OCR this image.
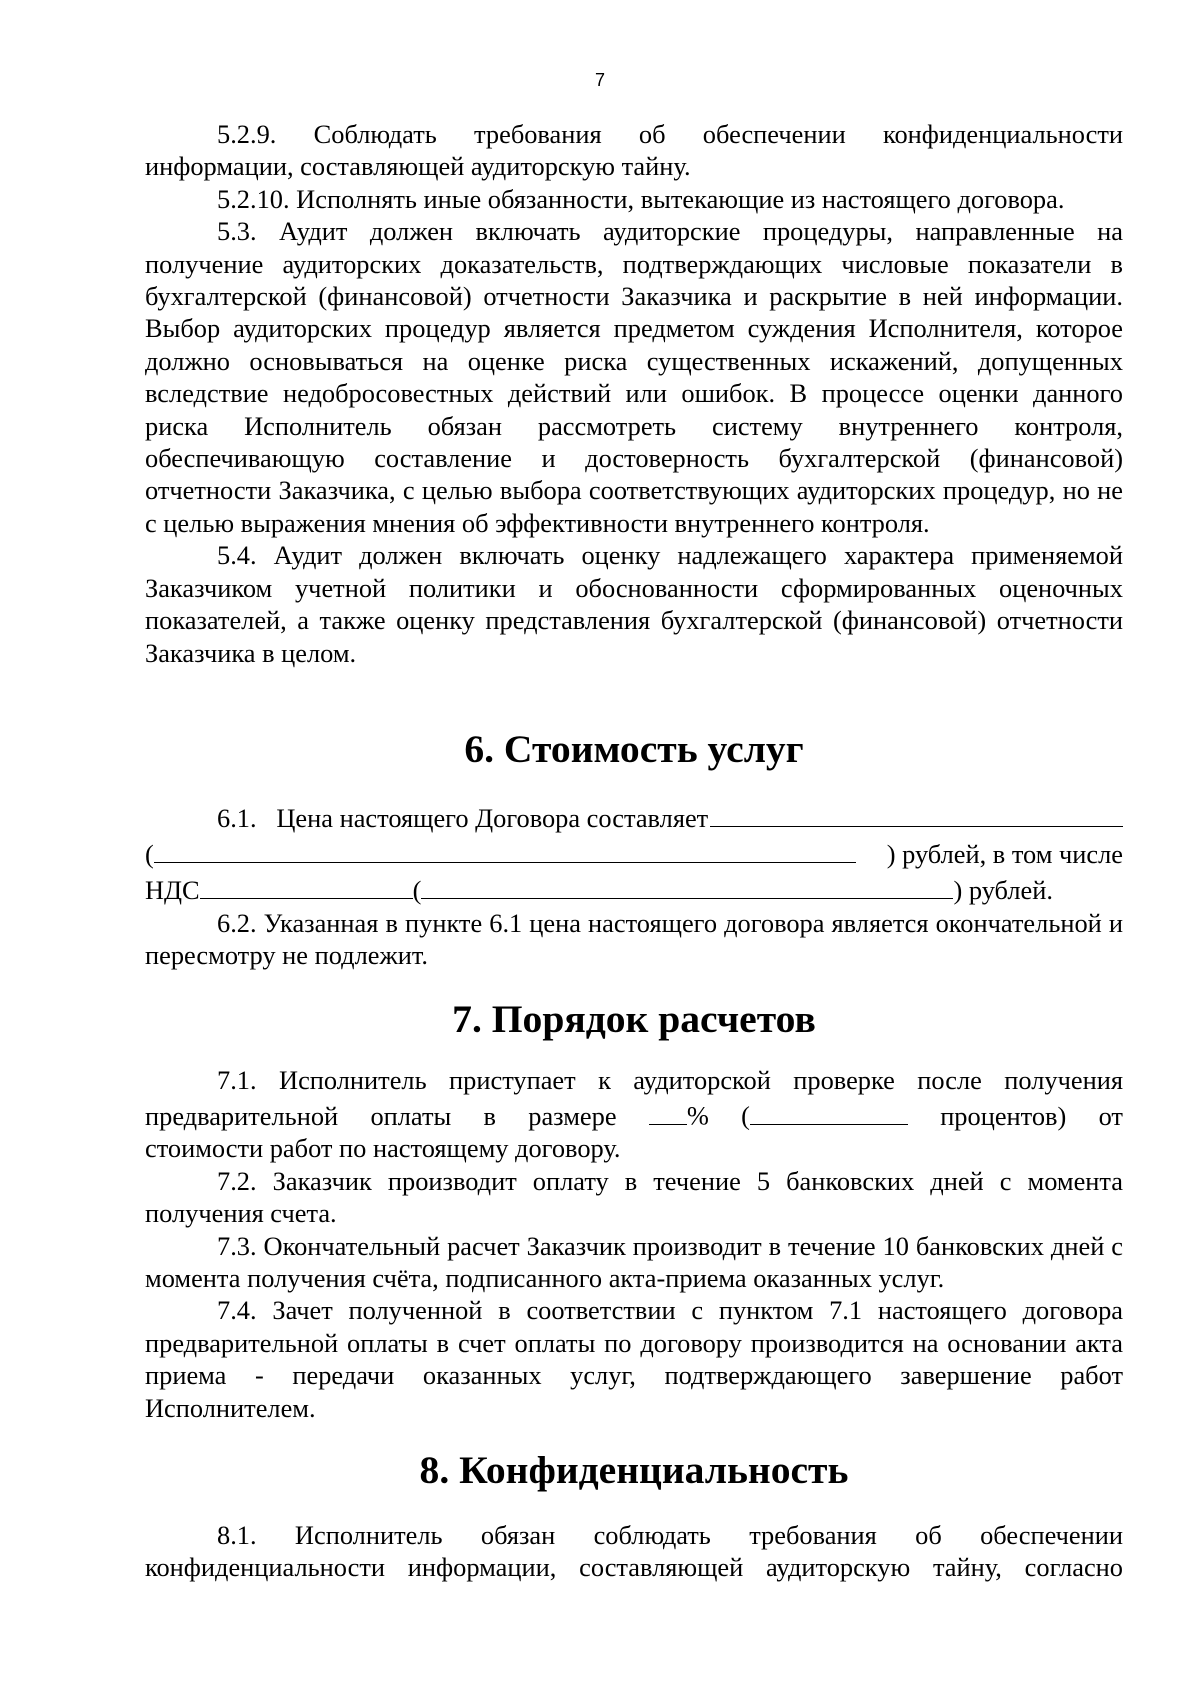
7

5.2.9. Соблюдать требования об обеспечении конфиденциальности информации, составляющей аудиторскую тайну.

5.2.10. Исполнять иные обязанности, вытекающие из настоящего договора.

5.3. Аудит должен включать аудиторские процедуры, направленные на получение аудиторских доказательств, подтверждающих числовые показатели в бухгалтерской (финансовой) отчетности Заказчика и раскрытие в ней информации. Выбор аудиторских процедур является предметом суждения Исполнителя, которое должно основываться на оценке риска существенных искажений, допущенных вследствие недобросовестных действий или ошибок. В процессе оценки данного риска Исполнитель обязан рассмотреть систему внутреннего контроля, обеспечивающую составление и достоверность бухгалтерской (финансовой) отчетности Заказчика, с целью выбора соответствующих аудиторских процедур, но не с целью выражения мнения об эффективности внутреннего контроля.

5.4. Аудит должен включать оценку надлежащего характера применяемой Заказчиком учетной политики и обоснованности сформированных оценочных показателей, а также оценку представления бухгалтерской (финансовой) отчетности Заказчика в целом.

6. Стоимость услуг
6.1.   Цена настоящего Договора составляет
(	) рублей, в том числе
НДС	(	) рублей.

6.2. Указанная в пункте 6.1 цена настоящего договора является окончательной и пересмотру не подлежит.

7. Порядок расчетов
7.1. Исполнитель приступает к аудиторской проверке после получения
предварительной оплаты в размере	% (	процентов) от
стоимости работ по настоящему договору.

7.2. Заказчик производит оплату в течение 5 банковских дней с момента получения счета.

7.3. Окончательный расчет Заказчик производит в течение 10 банковских дней с момента получения счёта, подписанного акта-приема оказанных услуг.

7.4. Зачет полученной в соответствии с пунктом 7.1 настоящего договора предварительной оплаты в счет оплаты по договору производится на основании акта приема - передачи оказанных услуг, подтверждающего завершение работ Исполнителем.

8. Конфиденциальность

8.1. Исполнитель обязан соблюдать требования об обеспечении конфиденциальности информации, составляющей аудиторскую тайну, согласно
